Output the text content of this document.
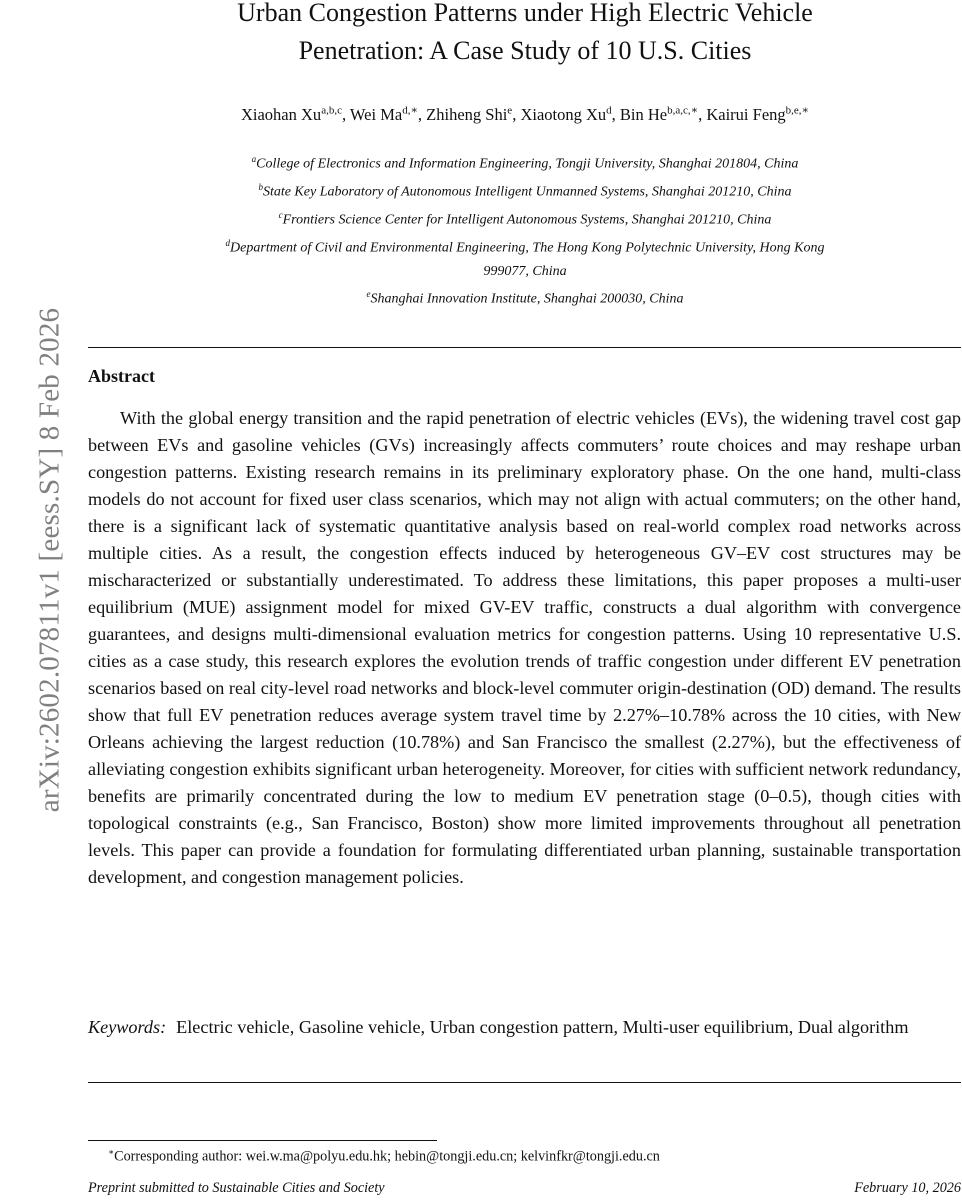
arXiv:2602.07811v1 [eess.SY] 8 Feb 2026
Urban Congestion Patterns under High Electric Vehicle
Penetration: A Case Study of 10 U.S. Cities
Xiaohan Xu$^{a,b,c}$, Wei $Ma^{d,∗}$, Zhiheng Shi$^e$, Xiaotong Xu$^d$, Bin $He^{b,a,c,∗}$, Kairui Feng$^{b,e,∗}$
$^a$College of Electronics and Information Engineering, Tongji University, Shanghai 201804, China
$^b$State Key Laboratory of Autonomous Intelligent Unmanned Systems, Shanghai 201210, China
$^c$Frontiers Science Center for Intelligent Autonomous Systems, Shanghai 201210, China
$^d$Department of Civil and Environmental Engineering, The Hong Kong Polytechnic University, Hong Kong
999077, China
$^e$Shanghai Innovation Institute, Shanghai 200030, China
Abstract

With the global energy transition and the rapid penetration of electric vehicles (EVs), the widening travel cost gap between EVs and gasoline vehicles (GVs) increasingly affects commuters’ route choices and may reshape urban congestion patterns. Existing research remains in its preliminary exploratory phase. On the one hand, multi-class models do not account for fixed user class scenarios, which may not align with actual commuters; on the other hand, there is a significant lack of systematic quantitative analysis based on real-world complex road networks across multiple cities. As a result, the congestion effects induced by heterogeneous GV–EV cost structures may be mischaracterized or substantially underestimated. To address these limitations, this paper proposes a multi-user equilibrium (MUE) assignment model for mixed GV-EV traffic, constructs a dual algorithm with convergence guarantees, and designs multi-dimensional evaluation metrics for congestion patterns. Using 10 representative U.S. cities as a case study, this research explores the evolution trends of traffic congestion under different EV penetration scenarios based on real city-level road networks and block-level commuter origin-destination (OD) demand. The results show that full EV penetration reduces average system travel time by 2.27%–10.78% across the 10 cities, with New Orleans achieving the largest reduction (10.78%) and San Francisco the smallest (2.27%), but the effectiveness of alleviating congestion exhibits significant urban heterogeneity. Moreover, for cities with sufficient network redundancy, benefits are primarily concentrated during the low to medium EV penetration stage (0–0.5), though cities with topological constraints (e.g., San Francisco, Boston) show more limited improvements throughout all penetration levels. This paper can provide a foundation for formulating differentiated urban planning, sustainable transportation development, and congestion management policies.

Keywords: Electric vehicle, Gasoline vehicle, Urban congestion pattern, Multi-user equilibrium, Dual algorithm
∗Corresponding author: wei.w.ma@polyu.edu.hk; hebin@tongji.edu.cn; kelvinfkr@tongji.edu.cn
Preprint submitted to Sustainable Cities and Society	February 10, 2026
